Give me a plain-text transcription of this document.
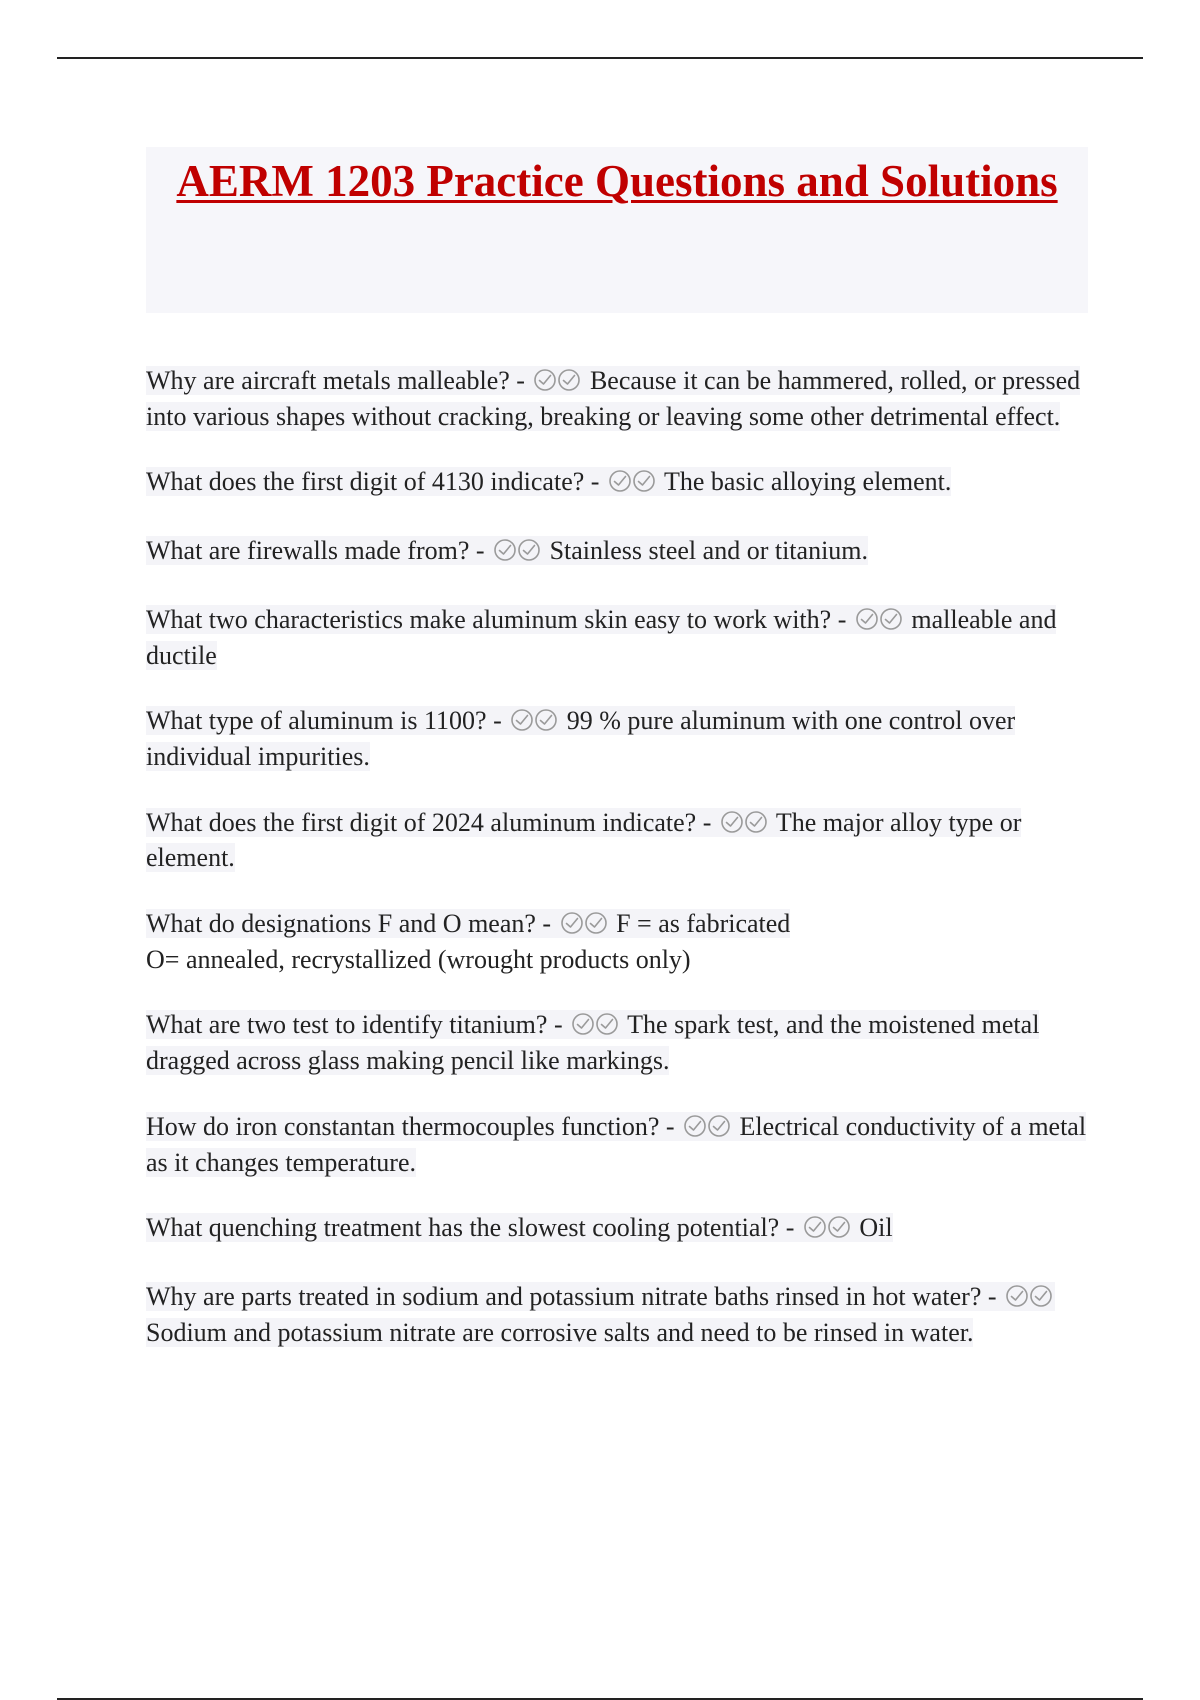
AERM 1203 Practice Questions and Solutions

Why are aircraft metals malleable? -  Because it can be hammered, rolled, or pressed into various shapes without cracking, breaking or leaving some other detrimental effect.

What does the first digit of 4130 indicate? -  The basic alloying element.

What are firewalls made from? -  Stainless steel and or titanium.

What two characteristics make aluminum skin easy to work with? -  malleable and ductile

What type of aluminum is 1100? -  99 % pure aluminum with one control over individual impurities.

What does the first digit of 2024 aluminum indicate? -  The major alloy type or element.

What do designations F and O mean? -  F = as fabricated
O= annealed, recrystallized (wrought products only)

What are two test to identify titanium? -  The spark test, and the moistened metal dragged across glass making pencil like markings.

How do iron constantan thermocouples function? -  Electrical conductivity of a metal as it changes temperature.

What quenching treatment has the slowest cooling potential? -  Oil

Why are parts treated in sodium and potassium nitrate baths rinsed in hot water? -  Sodium and potassium nitrate are corrosive salts and need to be rinsed in water.
